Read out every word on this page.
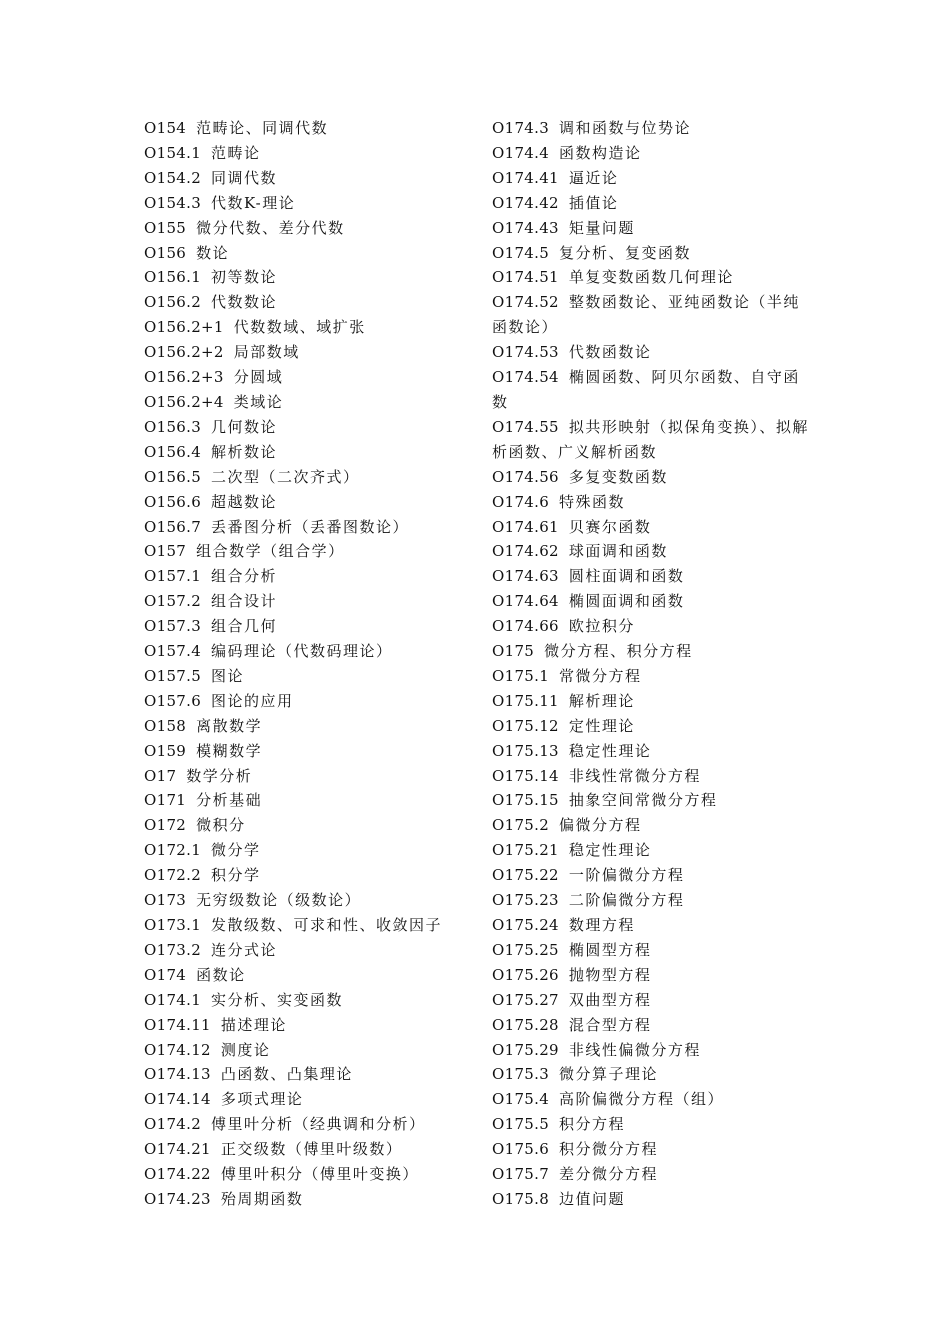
O154 范畴论、同调代数
O154.1 范畴论
O154.2 同调代数
O154.3 代数K-理论
O155 微分代数、差分代数
O156 数论
O156.1 初等数论
O156.2 代数数论
O156.2+1 代数数域、域扩张
O156.2+2 局部数域
O156.2+3 分圆域
O156.2+4 类域论
O156.3 几何数论
O156.4 解析数论
O156.5 二次型（二次齐式）
O156.6 超越数论
O156.7 丢番图分析（丢番图数论）
O157 组合数学（组合学）
O157.1 组合分析
O157.2 组合设计
O157.3 组合几何
O157.4 编码理论（代数码理论）
O157.5 图论
O157.6 图论的应用
O158 离散数学
O159 模糊数学
O17 数学分析
O171 分析基础
O172 微积分
O172.1 微分学
O172.2 积分学
O173 无穷级数论（级数论）
O173.1 发散级数、可求和性、收敛因子
O173.2 连分式论
O174 函数论
O174.1 实分析、实变函数
O174.11 描述理论
O174.12 测度论
O174.13 凸函数、凸集理论
O174.14 多项式理论
O174.2 傅里叶分析（经典调和分析）
O174.21 正交级数（傅里叶级数）
O174.22 傅里叶积分（傅里叶变换）
O174.23 殆周期函数
O174.3 调和函数与位势论
O174.4 函数构造论
O174.41 逼近论
O174.42 插值论
O174.43 矩量问题
O174.5 复分析、复变函数
O174.51 单复变数函数几何理论
O174.52 整数函数论、亚纯函数论（半纯函数论）
O174.53 代数函数论
O174.54 椭圆函数、阿贝尔函数、自守函数
O174.55 拟共形映射（拟保角变换）、拟解析函数、广义解析函数
O174.56 多复变数函数
O174.6 特殊函数
O174.61 贝赛尔函数
O174.62 球面调和函数
O174.63 圆柱面调和函数
O174.64 椭圆面调和函数
O174.66 欧拉积分
O175 微分方程、积分方程
O175.1 常微分方程
O175.11 解析理论
O175.12 定性理论
O175.13 稳定性理论
O175.14 非线性常微分方程
O175.15 抽象空间常微分方程
O175.2 偏微分方程
O175.21 稳定性理论
O175.22 一阶偏微分方程
O175.23 二阶偏微分方程
O175.24 数理方程
O175.25 椭圆型方程
O175.26 抛物型方程
O175.27 双曲型方程
O175.28 混合型方程
O175.29 非线性偏微分方程
O175.3 微分算子理论
O175.4 高阶偏微分方程（组）
O175.5 积分方程
O175.6 积分微分方程
O175.7 差分微分方程
O175.8 边值问题
